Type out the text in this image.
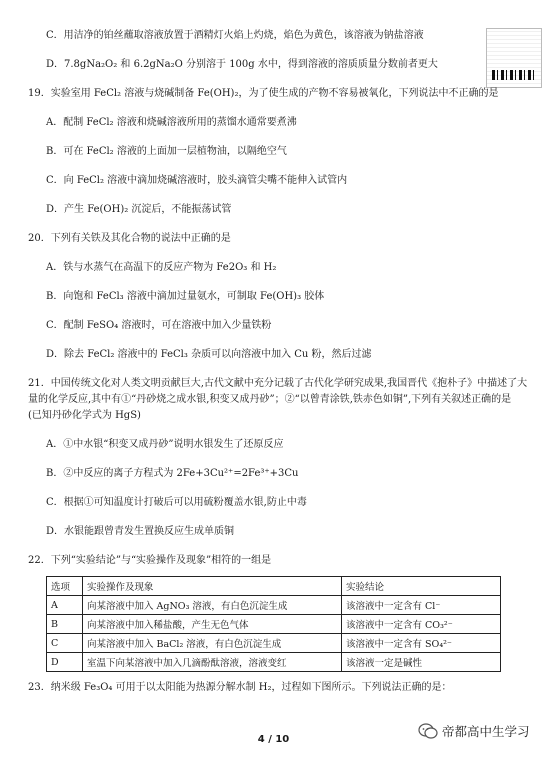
C．用洁净的铂丝蘸取溶液放置于酒精灯火焰上灼烧，焰色为黄色，该溶液为钠盐溶液
D．7.8gNa₂O₂ 和 6.2gNa₂O 分别溶于 100g 水中，得到溶液的溶质质量分数前者更大
19．实验室用 FeCl₂ 溶液与烧碱制备 Fe(OH)₂，为了使生成的产物不容易被氧化，下列说法中不正确的是
A．配制 FeCl₂ 溶液和烧碱溶液所用的蒸馏水通常要煮沸
B．可在 FeCl₂ 溶液的上面加一层植物油，以隔绝空气
C．向 FeCl₂ 溶液中滴加烧碱溶液时，胶头滴管尖嘴不能伸入试管内
D．产生 Fe(OH)₂ 沉淀后，不能振荡试管
20．下列有关铁及其化合物的说法中正确的是
A．铁与水蒸气在高温下的反应产物为 Fe2O₃ 和 H₂
B．向饱和 FeCl₃ 溶液中滴加过量氨水，可制取 Fe(OH)₃ 胶体
C．配制 FeSO₄ 溶液时，可在溶液中加入少量铁粉
D．除去 FeCl₂ 溶液中的 FeCl₃ 杂质可以向溶液中加入 Cu 粉，然后过滤
21．中国传统文化对人类文明贡献巨大,古代文献中充分记载了古代化学研究成果,我国晋代《抱朴子》中描述了大
量的化学反应,其中有①“丹砂烧之成水银,积变又成丹砂”；②“以曾青涂铁,铁赤色如铜”,下列有关叙述正确的是
(已知丹砂化学式为 HgS)
A．①中水银“积变又成丹砂”说明水银发生了还原反应
B．②中反应的离子方程式为 2Fe+3Cu²⁺=2Fe³⁺+3Cu
C．根据①可知温度计打破后可以用硫粉覆盖水银,防止中毒
D．水银能跟曾青发生置换反应生成单质铜
22．下列“实验结论”与“实验操作及现象”相符的一组是
选项	实验操作及现象	实验结论
A	向某溶液中加入 AgNO₃ 溶液，有白色沉淀生成	该溶液中一定含有 Cl⁻
B	向某溶液中加入稀盐酸，产生无色气体	该溶液中一定含有 CO₃²⁻
C	向某溶液中加入 BaCl₂ 溶液，有白色沉淀生成	该溶液中一定含有 SO₄²⁻
D	室温下向某溶液中加入几滴酚酞溶液，溶液变红	该溶液一定是碱性
23．纳米级 Fe₃O₄ 可用于以太阳能为热源分解水制 H₂，过程如下图所示。下列说法正确的是：
4 / 10
帝都高中生学习
